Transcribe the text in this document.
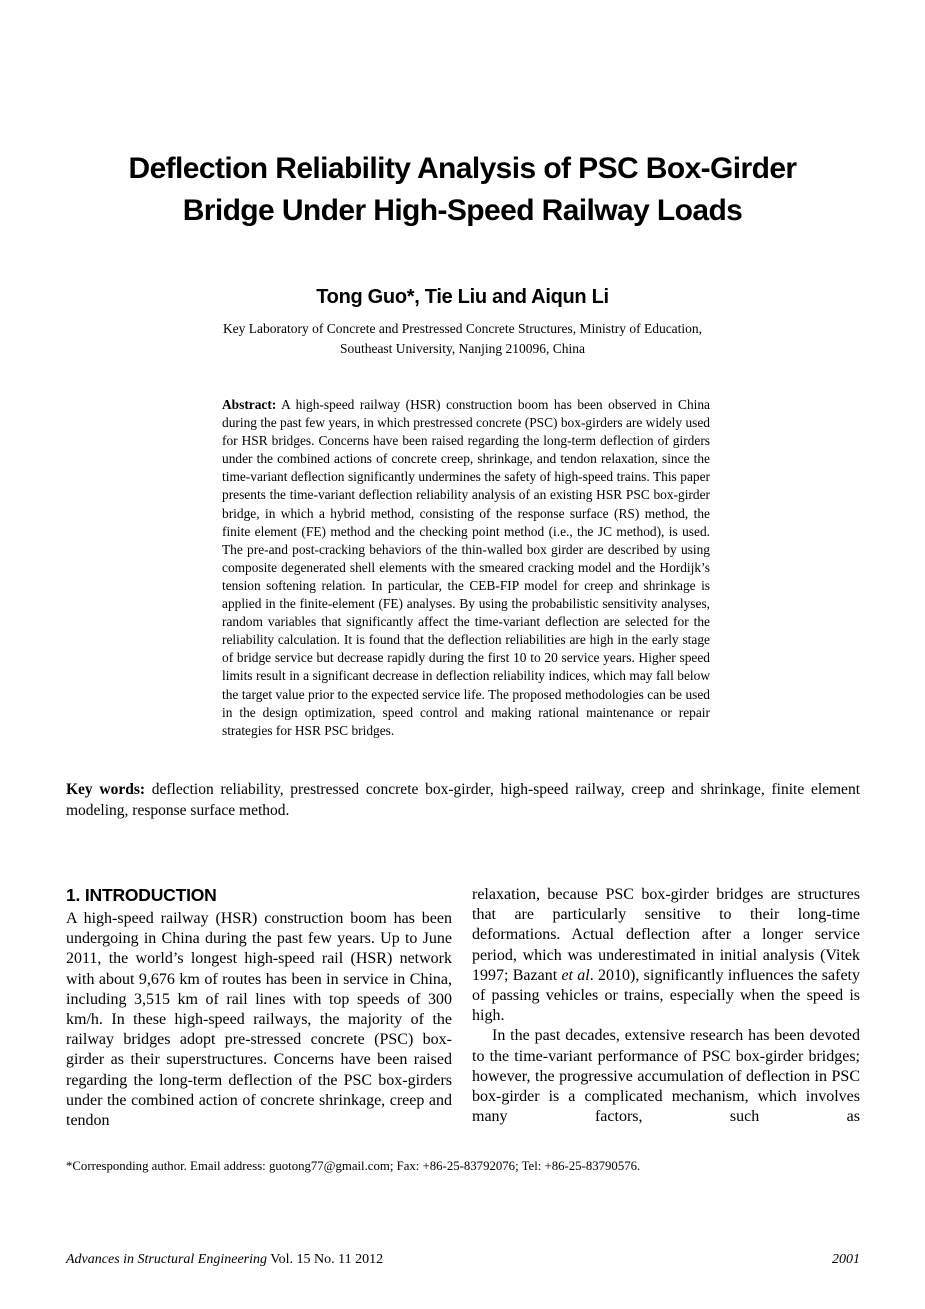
Deflection Reliability Analysis of PSC Box-Girder
Bridge Under High-Speed Railway Loads
Tong Guo*, Tie Liu and Aiqun Li
Key Laboratory of Concrete and Prestressed Concrete Structures, Ministry of Education,
Southeast University, Nanjing 210096, China

Abstract: A high-speed railway (HSR) construction boom has been observed in China during the past few years, in which prestressed concrete (PSC) box-girders are widely used for HSR bridges. Concerns have been raised regarding the long-term deflection of girders under the combined actions of concrete creep, shrinkage, and tendon relaxation, since the time-variant deflection significantly undermines the safety of high-speed trains. This paper presents the time-variant deflection reliability analysis of an existing HSR PSC box-girder bridge, in which a hybrid method, consisting of the response surface (RS) method, the finite element (FE) method and the checking point method (i.e., the JC method), is used. The pre-and post-cracking behaviors of the thin-walled box girder are described by using composite degenerated shell elements with the smeared cracking model and the Hordijk’s tension softening relation. In particular, the CEB-FIP model for creep and shrinkage is applied in the finite-element (FE) analyses. By using the probabilistic sensitivity analyses, random variables that significantly affect the time-variant deflection are selected for the reliability calculation. It is found that the deflection reliabilities are high in the early stage of bridge service but decrease rapidly during the first 10 to 20 service years. Higher speed limits result in a significant decrease in deflection reliability indices, which may fall below the target value prior to the expected service life. The proposed methodologies can be used in the design optimization, speed control and making rational maintenance or repair strategies for HSR PSC bridges.

Key words: deflection reliability, prestressed concrete box-girder, high-speed railway, creep and shrinkage, finite element modeling, response surface method.

1. INTRODUCTION

A high-speed railway (HSR) construction boom has been undergoing in China during the past few years. Up to June 2011, the world’s longest high-speed rail (HSR) network with about 9,676 km of routes has been in service in China, including 3,515 km of rail lines with top speeds of 300 km/h. In these high-speed railways, the majority of the railway bridges adopt pre-stressed concrete (PSC) box-girder as their superstructures. Concerns have been raised regarding the long-term deflection of the PSC box-girders under the combined action of concrete shrinkage, creep and tendon

relaxation, because PSC box-girder bridges are structures that are particularly sensitive to their long-time deformations. Actual deflection after a longer service period, which was underestimated in initial analysis (Vitek 1997; Bazant et al. 2010), significantly influences the safety of passing vehicles or trains, especially when the speed is high.

In the past decades, extensive research has been devoted to the time-variant performance of PSC box-girder bridges; however, the progressive accumulation of deflection in PSC box-girder is a complicated mechanism, which involves many factors, such as

*Corresponding author. Email address: guotong77@gmail.com; Fax: +86-25-83792076; Tel: +86-25-83790576.
Advances in Structural Engineering Vol. 15 No. 11 2012	2001
